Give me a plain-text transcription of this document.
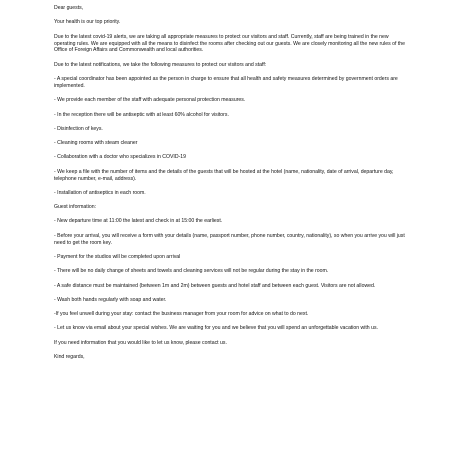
Dear guests,

Your health is our top priority.

Due to the latest covid-19 alerts, we are taking all appropriate measures to protect our visitors and staff. Currently, staff are being trained in the new operating rules. We are equipped with all the means to disinfect the rooms after checking out our guests. We are closely monitoring all the new rules of the Office of Foreign Affairs and Commonwealth and local authorities.

Due to the latest notifications, we take the following measures to protect our visitors and staff:

- A special coordinator has been appointed as the person in charge to ensure that all health and safety measures determined by government orders are implemented.

- We provide each member of the staff with adequate personal protection measures.

- In the reception there will be antiseptic with at least 60% alcohol for visitors.

- Disinfection of keys.

- Cleaning rooms with steam cleaner

- Collaboration with a doctor who specializes in COVID-19

- We keep a file with the number of items and the details of the guests that will be hosted at the hotel (name, nationality, date of arrival, departure day, telephone number, e-mail, address).

- Installation of antiseptics in each room.

Guest information:

- New departure time at 11:00 the latest and check in at 15:00 the earliest.

- Before your arrival, you will receive a form with your details (name, passport number, phone number, country, nationality), so when you arrive you will just need to get the room key.

- Payment for the studios will be completed upon arrival

- There will be no daily change of sheets and towels and cleaning services will not be regular during the stay in the room.

- A safe distance must be maintained (between 1m and 2m) between guests and hotel staff and between each guest. Visitors are not allowed.

- Wash both hands regularly with soap and water.

-If you feel unwell during your stay: contact the business manager from your room for advice on what to do next.

- Let us know via email about your special wishes. We are waiting for you and we believe that you will spend an unforgettable vacation with us.

If you need information that you would like to let us know, please contact us.

Kind regards,
